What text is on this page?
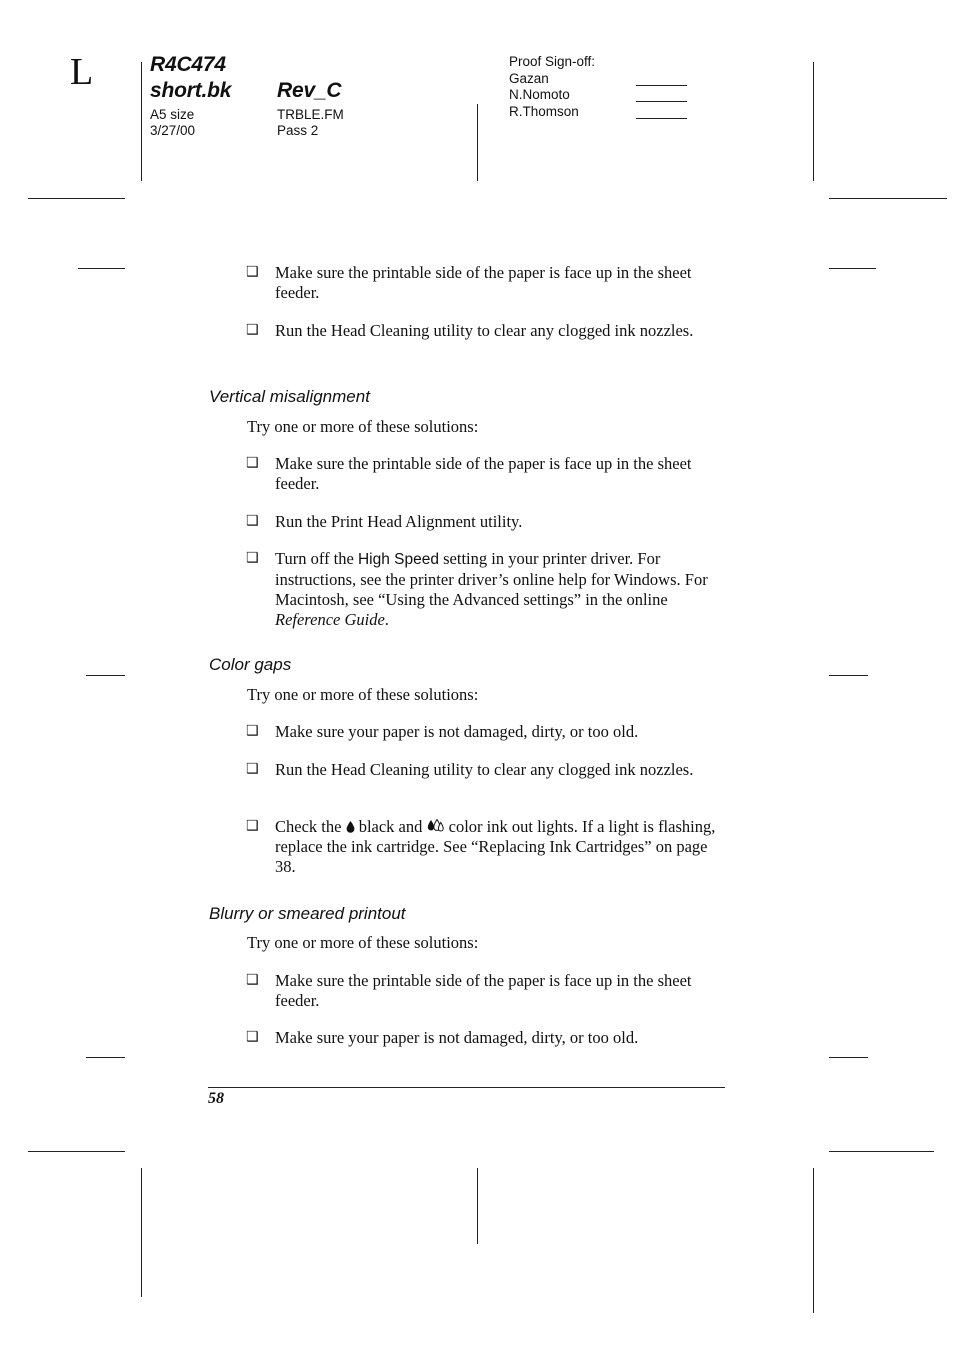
L	R4C474
short.bk Rev_C
A5 size
3/27/00
TRBLE.FM
Pass 2
Proof Sign-off:
Gazan
N.Nomoto
R.Thomson
❑ Make sure the printable side of the paper is face up in the sheet feeder.
❑ Run the Head Cleaning utility to clear any clogged ink nozzles.
Vertical misalignment
Try one or more of these solutions:
❑ Make sure the printable side of the paper is face up in the sheet feeder.
❑ Run the Print Head Alignment utility.
❑ Turn off the High Speed setting in your printer driver. For instructions, see the printer driver’s online help for Windows. For Macintosh, see “Using the Advanced settings” in the online Reference Guide.
Color gaps
Try one or more of these solutions:
❑ Make sure your paper is not damaged, dirty, or too old.
❑ Run the Head Cleaning utility to clear any clogged ink nozzles.
❑ Check the  black and  color ink out lights. If a light is flashing, replace the ink cartridge. See “Replacing Ink Cartridges” on page 38.
Blurry or smeared printout
Try one or more of these solutions:
❑ Make sure the printable side of the paper is face up in the sheet feeder.
❑ Make sure your paper is not damaged, dirty, or too old.
58
